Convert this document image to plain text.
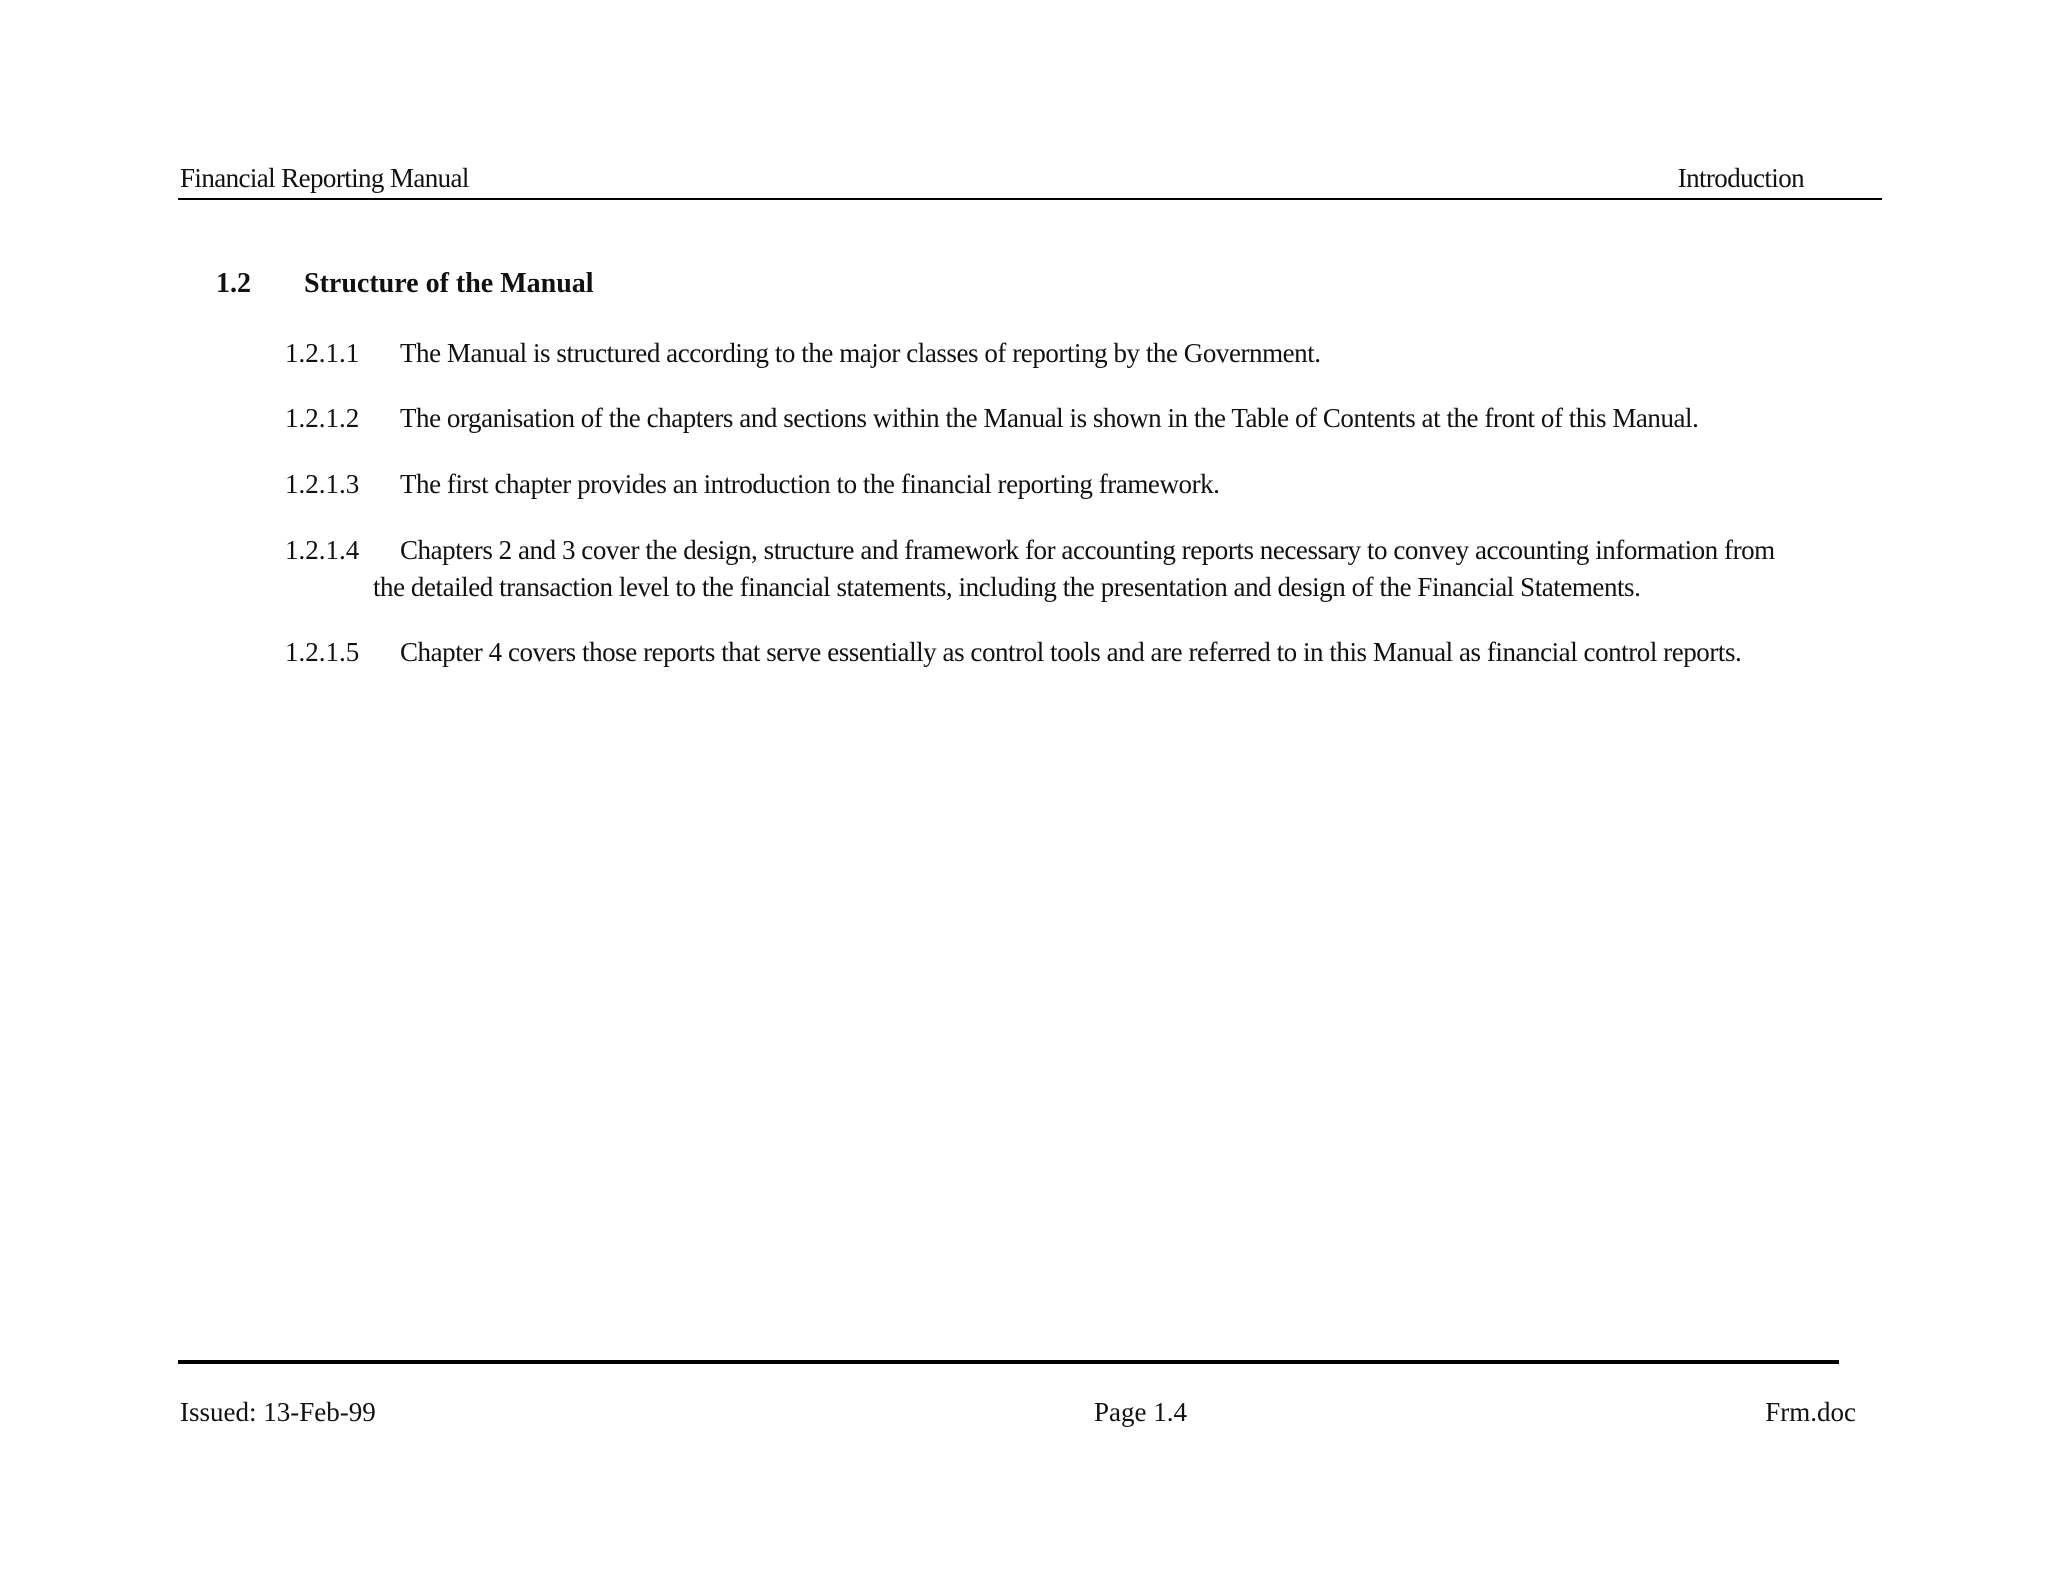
Financial Reporting Manual	Introduction
1.2 Structure of the Manual
1.2.1.1 The Manual is structured according to the major classes of reporting by the Government.
1.2.1.2 The organisation of the chapters and sections within the Manual is shown in the Table of Contents at the front of this Manual.
1.2.1.3 The first chapter provides an introduction to the financial reporting framework.
1.2.1.4 Chapters 2 and 3 cover the design, structure and framework for accounting reports necessary to convey accounting information from
the detailed transaction level to the financial statements, including the presentation and design of the Financial Statements.
1.2.1.5 Chapter 4 covers those reports that serve essentially as control tools and are referred to in this Manual as financial control reports.
Issued: 13-Feb-99	Page 1.4	Frm.doc
